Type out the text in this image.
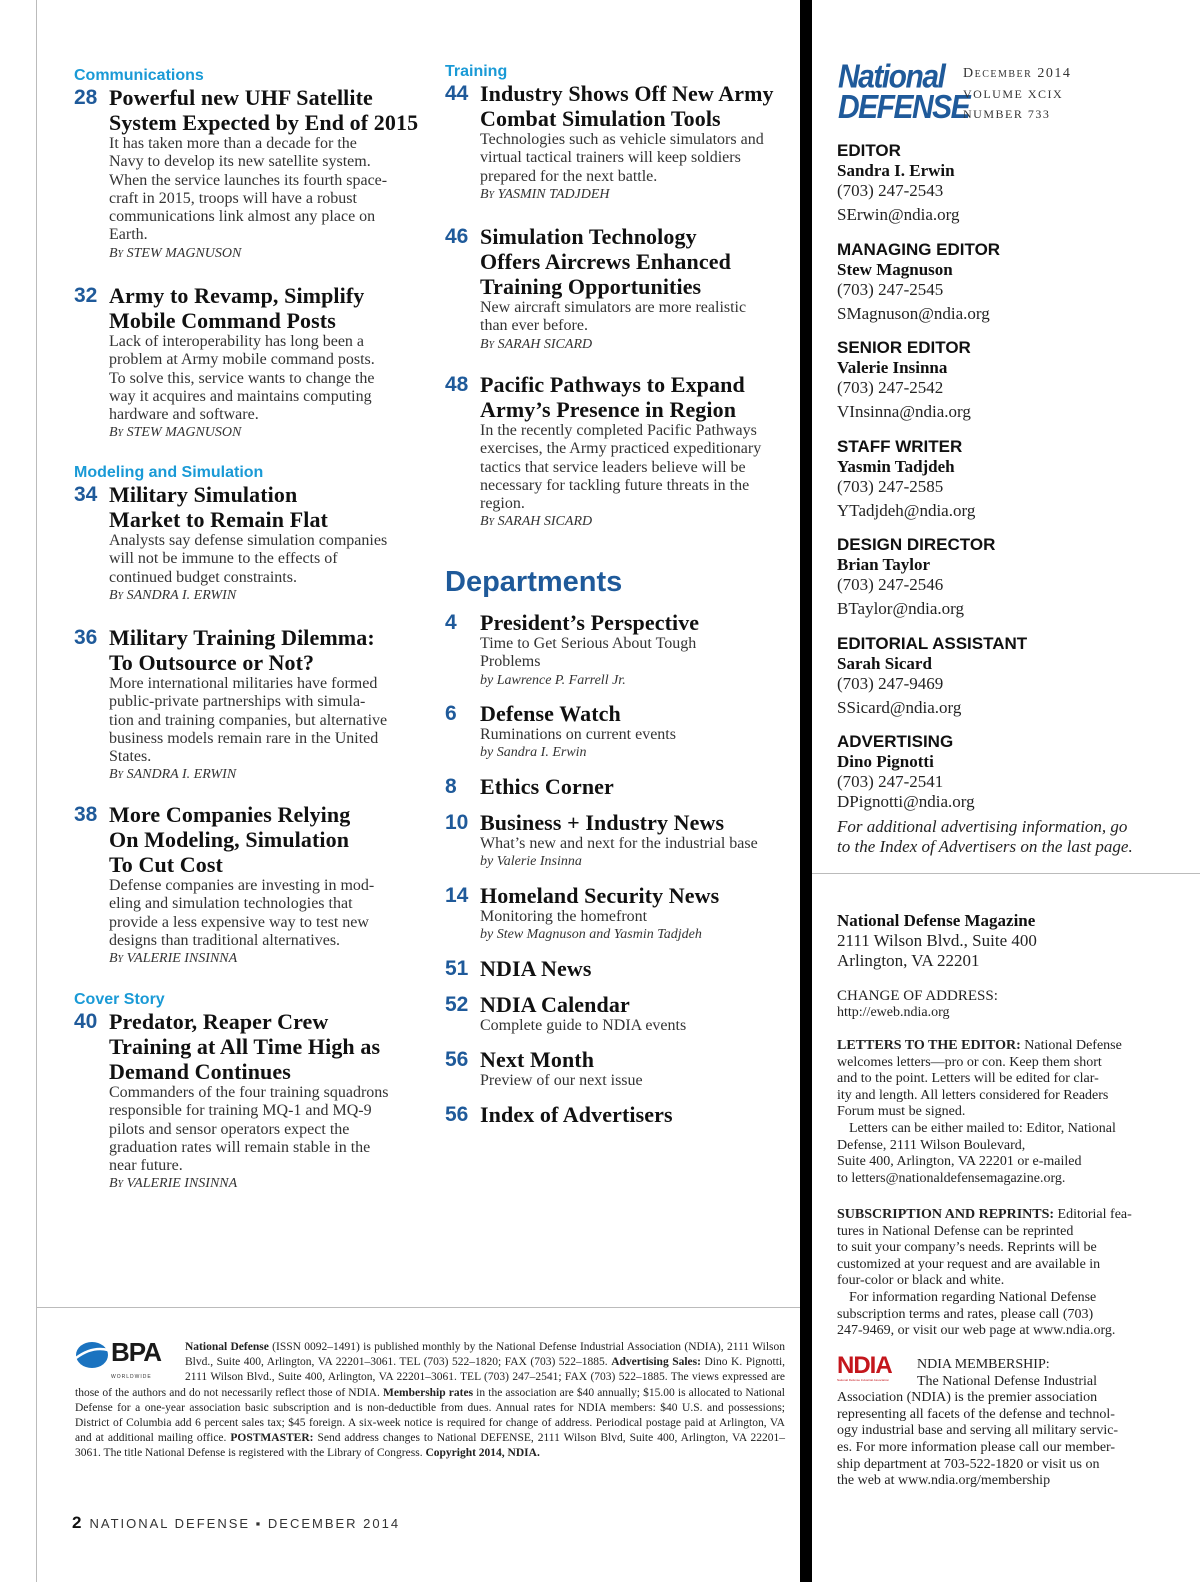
Communications
28 Powerful new UHF Satellite
System Expected by End of 2015
It has taken more than a decade for the
Navy to develop its new satellite system.
When the service launches its fourth space-
craft in 2015, troops will have a robust
communications link almost any place on
Earth.
By STEW MAGNUSON
32 Army to Revamp, Simplify
Mobile Command Posts
Lack of interoperability has long been a
problem at Army mobile command posts.
To solve this, service wants to change the
way it acquires and maintains computing
hardware and software.
By STEW MAGNUSON
Modeling and Simulation
34 Military Simulation
Market to Remain Flat
Analysts say defense simulation companies
will not be immune to the effects of
continued budget constraints.
By SANDRA I. ERWIN
36 Military Training Dilemma:
To Outsource or Not?
More international militaries have formed
public-private partnerships with simula-
tion and training companies, but alternative
business models remain rare in the United
States.
By SANDRA I. ERWIN
38 More Companies Relying
On Modeling, Simulation
To Cut Cost
Defense companies are investing in mod-
eling and simulation technologies that
provide a less expensive way to test new
designs than traditional alternatives.
By VALERIE INSINNA
Cover Story
40 Predator, Reaper Crew
Training at All Time High as
Demand Continues
Commanders of the four training squadrons
responsible for training MQ-1 and MQ-9
pilots and sensor operators expect the
graduation rates will remain stable in the
near future.
By VALERIE INSINNA
Training
44 Industry Shows Off New Army
Combat Simulation Tools
Technologies such as vehicle simulators and
virtual tactical trainers will keep soldiers
prepared for the next battle.
By YASMIN TADJDEH
46 Simulation Technology
Offers Aircrews Enhanced
Training Opportunities
New aircraft simulators are more realistic
than ever before.
By SARAH SICARD
48 Pacific Pathways to Expand
Army’s Presence in Region
In the recently completed Pacific Pathways
exercises, the Army practiced expeditionary
tactics that service leaders believe will be
necessary for tackling future threats in the
region.
By SARAH SICARD
Departments
4 President’s Perspective
Time to Get Serious About Tough
Problems
by Lawrence P. Farrell Jr.
6 Defense Watch
Ruminations on current events
by Sandra I. Erwin
8 Ethics Corner
10 Business + Industry News
What’s new and next for the industrial base
by Valerie Insinna
14 Homeland Security News
Monitoring the homefront
by Stew Magnuson and Yasmin Tadjdeh
51 NDIA News
52 NDIA Calendar
Complete guide to NDIA events
56 Next Month
Preview of our next issue
56 Index of Advertisers
National
DEFENSE
December 2014
VOLUME XCIX
NUMBER 733
EDITOR
Sandra I. Erwin
(703) 247-2543
SErwin@ndia.org
MANAGING EDITOR
Stew Magnuson
(703) 247-2545
SMagnuson@ndia.org
SENIOR EDITOR
Valerie Insinna
(703) 247-2542
VInsinna@ndia.org
STAFF WRITER
Yasmin Tadjdeh
(703) 247-2585
YTadjdeh@ndia.org
DESIGN DIRECTOR
Brian Taylor
(703) 247-2546
BTaylor@ndia.org
EDITORIAL ASSISTANT
Sarah Sicard
(703) 247-9469
SSicard@ndia.org
ADVERTISING
Dino Pignotti
(703) 247-2541
DPignotti@ndia.org
For additional advertising information, go
to the Index of Advertisers on the last page.
National Defense Magazine
2111 Wilson Blvd., Suite 400
Arlington, VA 22201
CHANGE OF ADDRESS:
http://eweb.ndia.org
LETTERS TO THE EDITOR: National Defense
welcomes letters—pro or con. Keep them short
and to the point. Letters will be edited for clar-
ity and length. All letters considered for Readers
Forum must be signed.
Letters can be either mailed to: Editor, National
Defense, 2111 Wilson Boulevard,
Suite 400, Arlington, VA 22201 or e-mailed
to letters@nationaldefensemagazine.org.
SUBSCRIPTION AND REPRINTS: Editorial fea-
tures in National Defense can be reprinted
to suit your company’s needs. Reprints will be
customized at your request and are available in
four-color or black and white.
For information regarding National Defense
subscription terms and rates, please call (703)
247-9469, or visit our web page at www.ndia.org.
NDIA
National Defense Industrial Association
NDIA MEMBERSHIP:
The National Defense Industrial
Association (NDIA) is the premier association
representing all facets of the defense and technol-
ogy industrial base and serving all military servic-
es. For more information please call our member-
ship department at 703-522-1820 or visit us on
the web at www.ndia.org/membership
BPA
WORLDWIDE
National Defense (ISSN 0092–1491) is published monthly by the National Defense Industrial Association (NDIA), 2111 Wilson Blvd., Suite 400, Arlington, VA 22201–3061. TEL (703) 522–1820; FAX (703) 522–1885. Advertising Sales: Dino K. Pignotti, 2111 Wilson Blvd., Suite 400, Arlington, VA 22201–3061. TEL (703) 247–2541; FAX (703) 522–1885. The views expressed are those of the authors and do not necessarily reflect those of NDIA. Membership rates in the association are $40 annually; $15.00 is allocated to National Defense for a one-year association basic subscription and is non-deductible from dues. Annual rates for NDIA members: $40 U.S. and possessions; District of Columbia add 6 percent sales tax; $45 foreign. A six-week notice is required for change of address. Periodical postage paid at Arlington, VA and at additional mailing office. POSTMASTER: Send address changes to National DEFENSE, 2111 Wilson Blvd, Suite 400, Arlington, VA 22201–3061. The title National Defense is registered with the Library of Congress. Copyright 2014, NDIA.
2 NATIONAL DEFENSE ▪ DECEMBER 2014
